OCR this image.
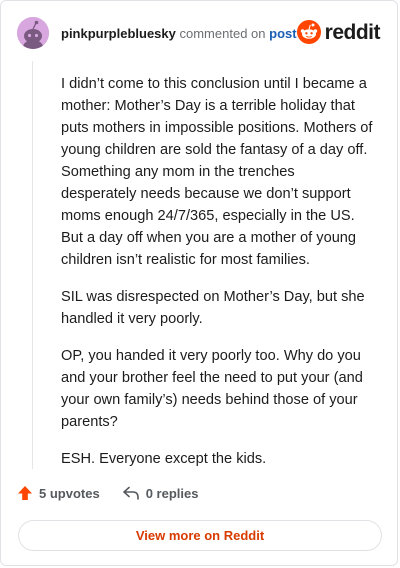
pinkpurplebluesky commented on post reddit

I didn’t come to this conclusion until I became a mother: Mother’s Day is a terrible holiday that puts mothers in impossible positions. Mothers of young children are sold the fantasy of a day off. Something any mom in the trenches desperately needs because we don’t support moms enough 24/7/365, especially in the US. But a day off when you are a mother of young children isn’t realistic for most families.

SIL was disrespected on Mother’s Day, but she handled it very poorly.

OP, you handed it very poorly too. Why do you and your brother feel the need to put your (and your own family’s) needs behind those of your parents?

ESH. Everyone except the kids.

5 upvotes	0 replies
View more on Reddit
